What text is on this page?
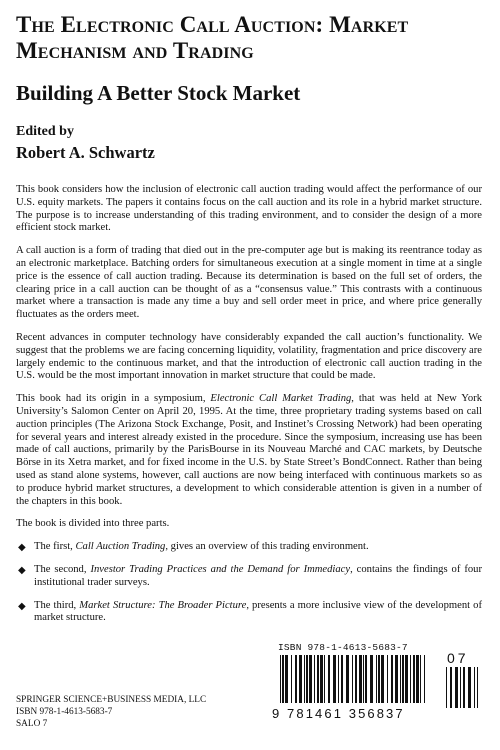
The Electronic Call Auction: Market
Mechanism and Trading
Building A Better Stock Market
Edited by
Robert A. Schwartz

This book considers how the inclusion of electronic call auction trading would affect the performance of our U.S. equity markets. The papers it contains focus on the call auction and its role in a hybrid market structure. The purpose is to increase understanding of this trading environment, and to consider the design of a more efficient stock market.

A call auction is a form of trading that died out in the pre-computer age but is making its reentrance today as an electronic marketplace. Batching orders for simultaneous execution at a single moment in time at a single price is the essence of call auction trading. Because its determination is based on the full set of orders, the clearing price in a call auction can be thought of as a “consensus value.” This contrasts with a continuous market where a transaction is made any time a buy and sell order meet in price, and where price generally fluctuates as the orders meet.

Recent advances in computer technology have considerably expanded the call auction’s functionality. We suggest that the problems we are facing concerning liquidity, volatility, fragmentation and price discovery are largely endemic to the continuous market, and that the introduction of electronic call auction trading in the U.S. would be the most important innovation in market structure that could be made.

This book had its origin in a symposium, Electronic Call Market Trading, that was held at New York University’s Salomon Center on April 20, 1995. At the time, three proprietary trading systems based on call auction principles (The Arizona Stock Exchange, Posit, and Instinet’s Crossing Network) had been operating for several years and interest already existed in the procedure. Since the symposium, increasing use has been made of call auctions, primarily by the ParisBourse in its Nouveau Marché and CAC markets, by Deutsche Börse in its Xetra market, and for fixed income in the U.S. by State Street’s BondConnect. Rather than being used as stand alone systems, however, call auctions are now being interfaced with continuous markets so as to produce hybrid market structures, a development to which considerable attention is given in a number of the chapters in this book.

The book is divided into three parts.

◆ The first, Call Auction Trading, gives an overview of this trading environment.
◆ The second, Investor Trading Practices and the Demand for Immediacy, contains the findings of four institutional trader surveys.
◆ The third, Market Structure: The Broader Picture, presents a more inclusive view of the development of market structure.
SPRINGER SCIENCE+BUSINESS MEDIA, LLC
ISBN 978-1-4613-5683-7
SALO 7
ISBN 978-1-4613-5683-7
07
9 781461 356837
